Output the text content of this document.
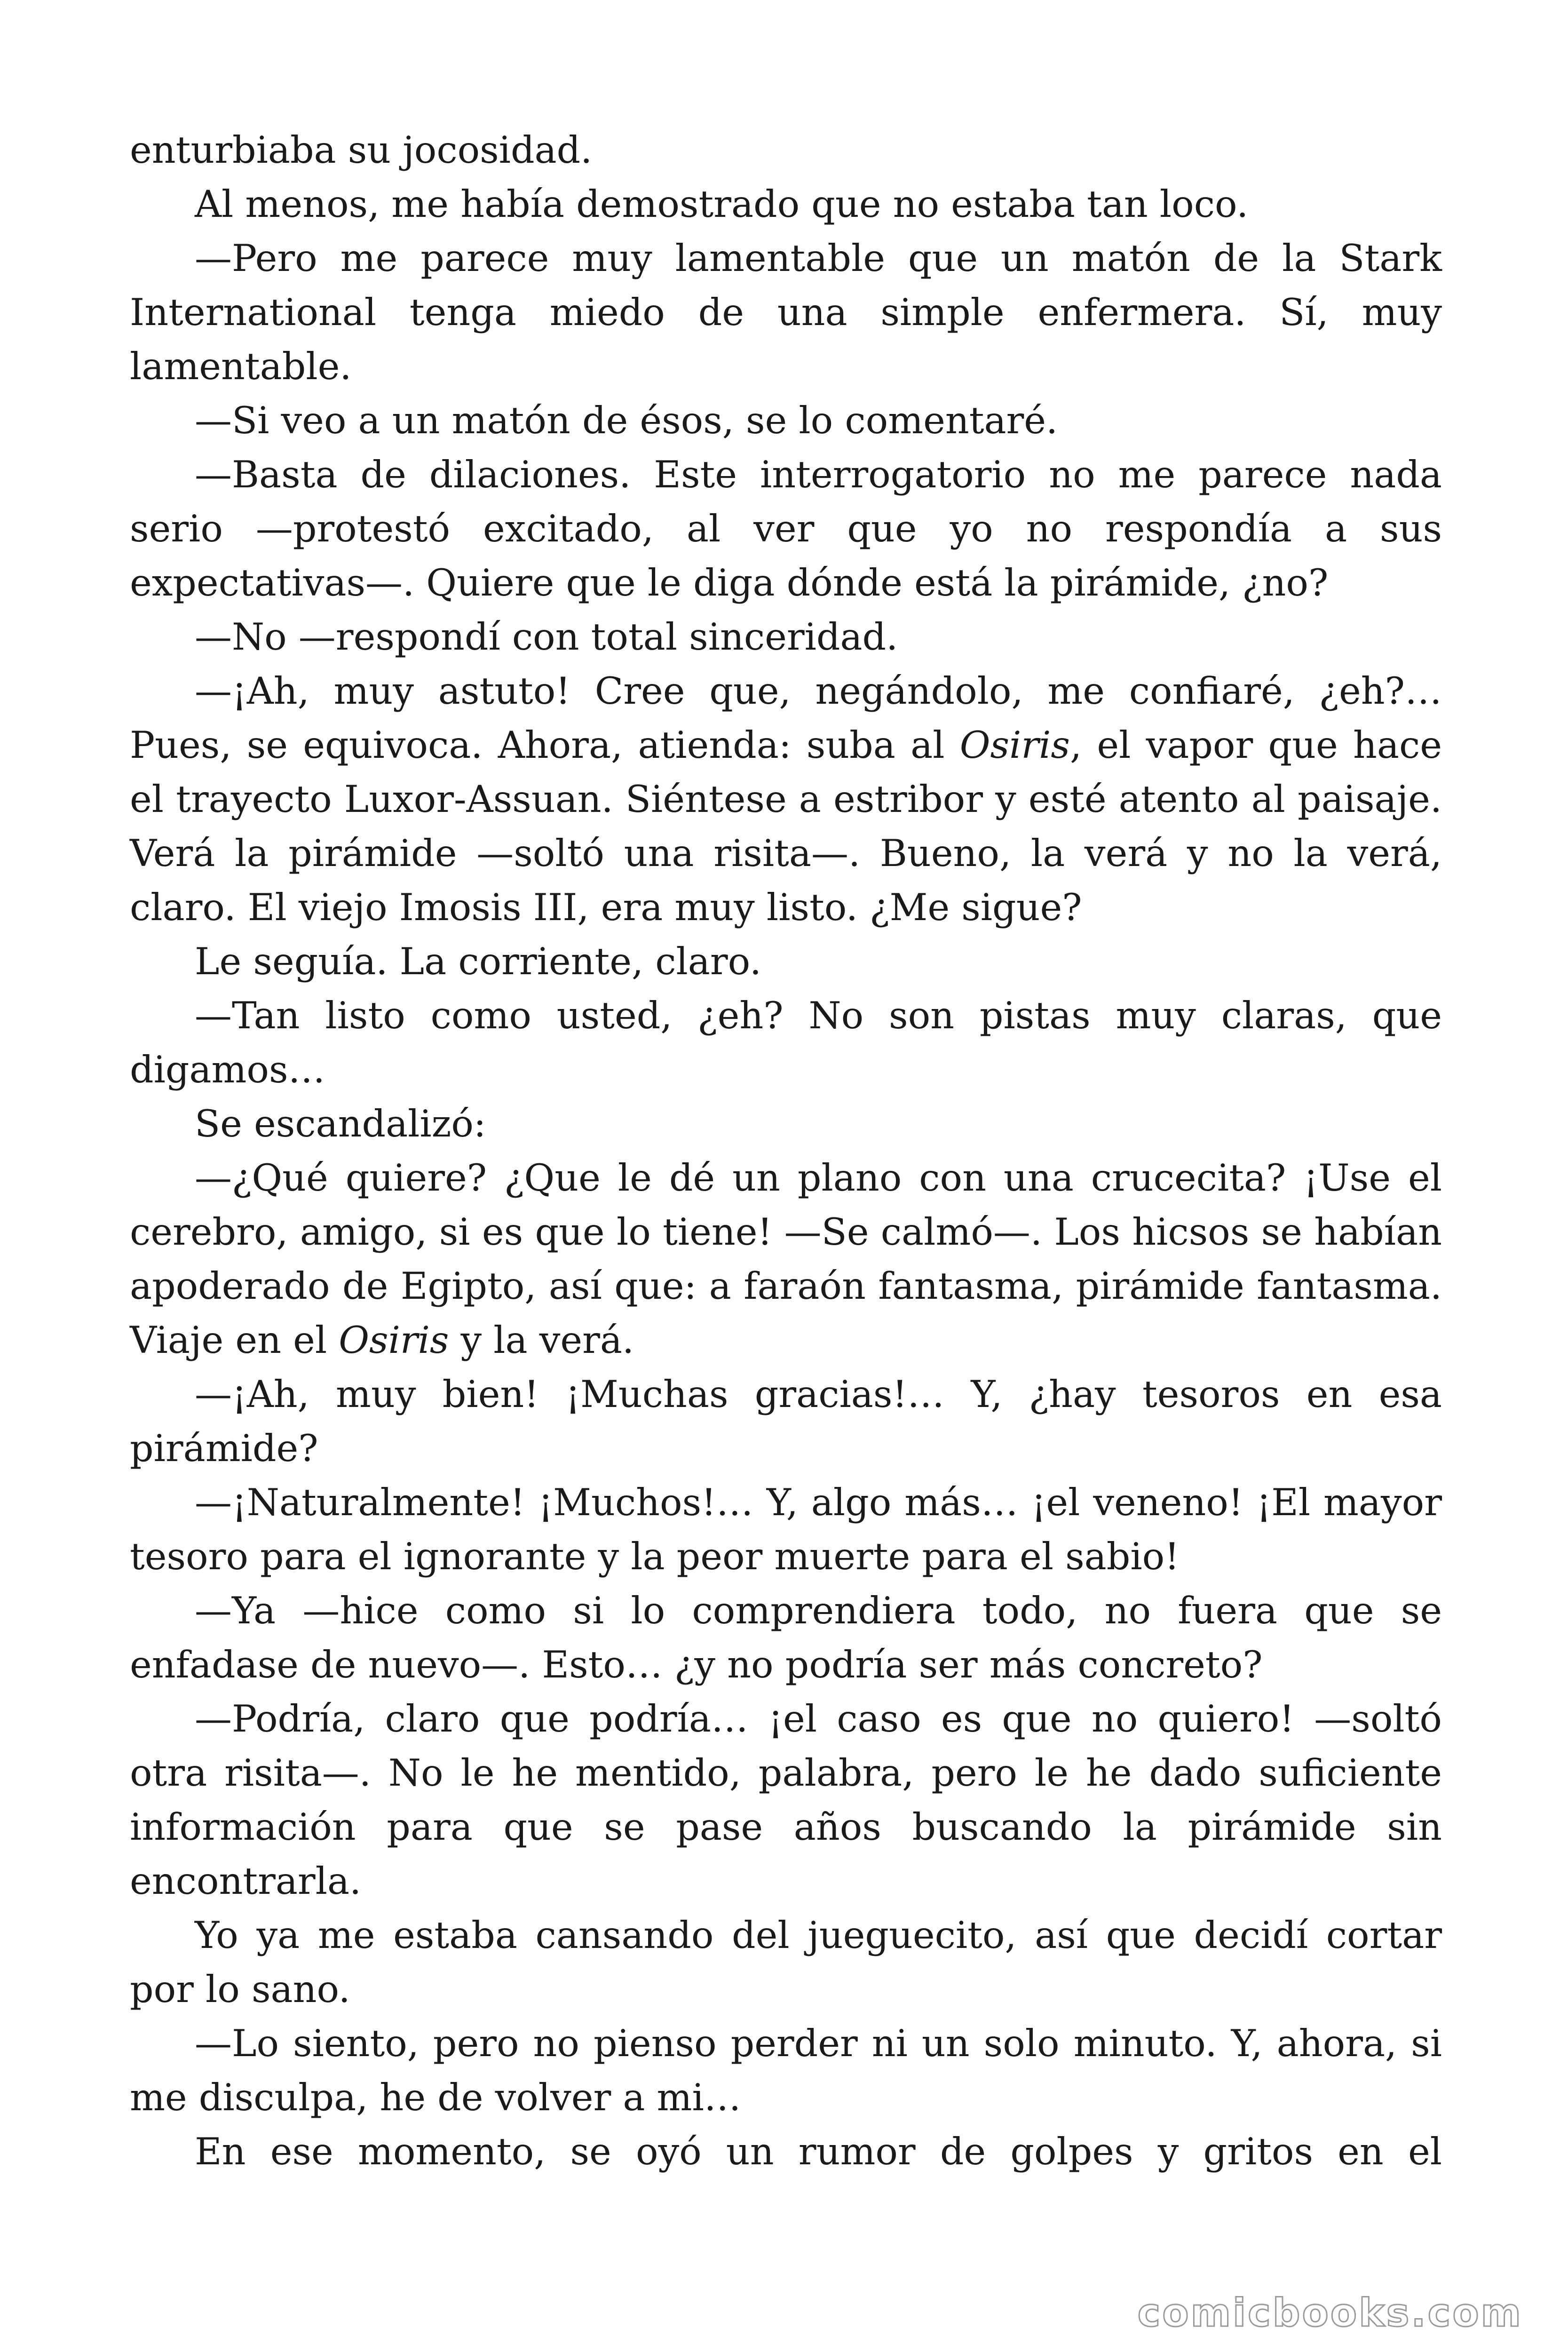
enturbiaba su jocosidad.

Al menos, me había demostrado que no estaba tan loco.

—Pero me parece muy lamentable que un matón de la Stark International tenga miedo de una simple enfermera. Sí, muy lamentable.

—Si veo a un matón de ésos, se lo comentaré.

—Basta de dilaciones. Este interrogatorio no me parece nada serio —protestó excitado, al ver que yo no respondía a sus expectativas—. Quiere que le diga dónde está la pirámide, ¿no?

—No —respondí con total sinceridad.

—¡Ah, muy astuto! Cree que, negándolo, me confiaré, ¿eh?… Pues, se equivoca. Ahora, atienda: suba al Osiris, el vapor que hace el trayecto Luxor-Assuan. Siéntese a estribor y esté atento al paisaje. Verá la pirámide —soltó una risita—. Bueno, la verá y no la verá, claro. El viejo Imosis III, era muy listo. ¿Me sigue?

Le seguía. La corriente, claro.

—Tan listo como usted, ¿eh? No son pistas muy claras, que digamos…

Se escandalizó:

—¿Qué quiere? ¿Que le dé un plano con una crucecita? ¡Use el cerebro, amigo, si es que lo tiene! —Se calmó—. Los hicsos se habían apoderado de Egipto, así que: a faraón fantasma, pirámide fantasma. Viaje en el Osiris y la verá.

—¡Ah, muy bien! ¡Muchas gracias!… Y, ¿hay tesoros en esa pirámide?

—¡Naturalmente! ¡Muchos!… Y, algo más… ¡el veneno! ¡El mayor tesoro para el ignorante y la peor muerte para el sabio!

—Ya —hice como si lo comprendiera todo, no fuera que se enfadase de nuevo—. Esto… ¿y no podría ser más concreto?

—Podría, claro que podría… ¡el caso es que no quiero! —soltó otra risita—. No le he mentido, palabra, pero le he dado suficiente información para que se pase años buscando la pirámide sin encontrarla.

Yo ya me estaba cansando del jueguecito, así que decidí cortar por lo sano.

—Lo siento, pero no pienso perder ni un solo minuto. Y, ahora, si me disculpa, he de volver a mi…

En ese momento, se oyó un rumor de golpes y gritos en el

comicbooks.com
